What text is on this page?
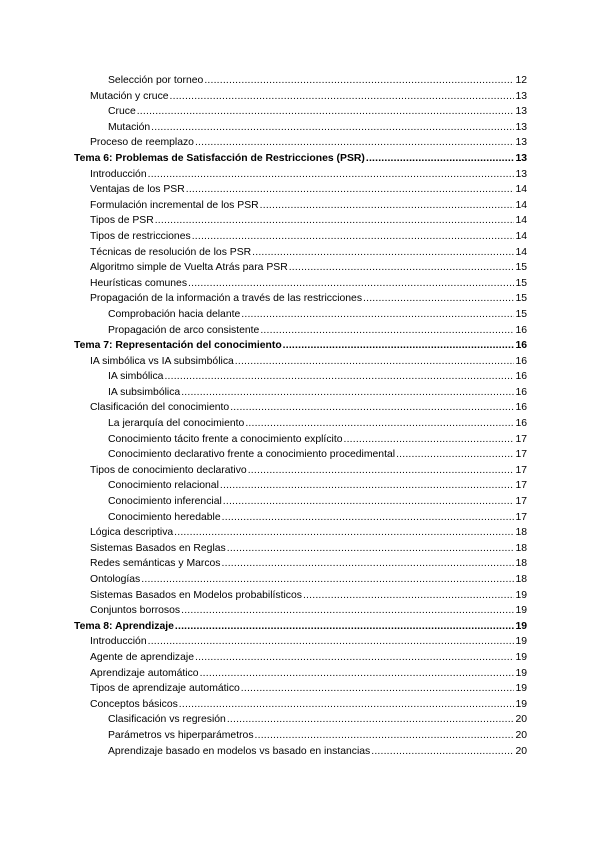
Selección por torneo .....	12
Mutación y cruce .....	13
Cruce .....	13
Mutación .....	13
Proceso de reemplazo .....	13
Tema 6: Problemas de Satisfacción de Restricciones (PSR) .....	13
Introducción .....	13
Ventajas de los PSR .....	14
Formulación incremental de los PSR .....	14
Tipos de PSR .....	14
Tipos de restricciones .....	14
Técnicas de resolución de los PSR .....	14
Algoritmo simple de Vuelta Atrás para PSR .....	15
Heurísticas comunes .....	15
Propagación de la información a través de las restricciones .....	15
Comprobación hacia delante .....	15
Propagación de arco consistente .....	16
Tema 7: Representación del conocimiento .....	16
IA simbólica vs IA subsimbólica .....	16
IA simbólica .....	16
IA subsimbólica .....	16
Clasificación del conocimiento .....	16
La jerarquía del conocimiento .....	16
Conocimiento tácito frente a conocimiento explícito .....	17
Conocimiento declarativo frente a conocimiento procedimental .....	17
Tipos de conocimiento declarativo .....	17
Conocimiento relacional .....	17
Conocimiento inferencial .....	17
Conocimiento heredable .....	17
Lógica descriptiva .....	18
Sistemas Basados en Reglas .....	18
Redes semánticas y Marcos .....	18
Ontologías .....	18
Sistemas Basados en Modelos probabilísticos .....	19
Conjuntos borrosos .....	19
Tema 8: Aprendizaje .....	19
Introducción .....	19
Agente de aprendizaje .....	19
Aprendizaje automático .....	19
Tipos de aprendizaje automático .....	19
Conceptos básicos .....	19
Clasificación vs regresión .....	20
Parámetros vs hiperparámetros .....	20
Aprendizaje basado en modelos vs basado en instancias .....	20
